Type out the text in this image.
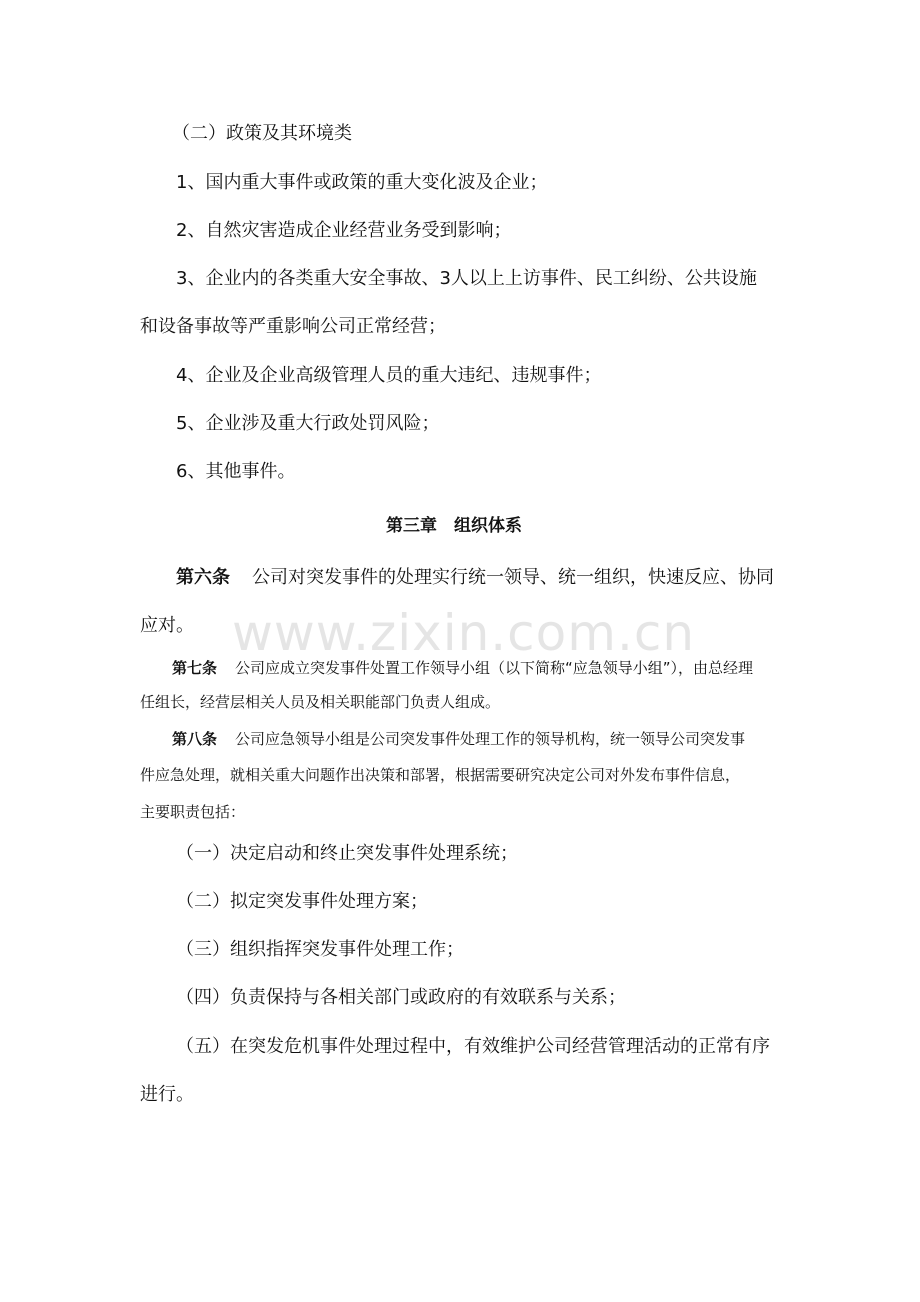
www.zixin.com.cn

（二）政策及其环境类

1、国内重大事件或政策的重大变化波及企业；

2、自然灾害造成企业经营业务受到影响；

3、企业内的各类重大安全事故、3人以上上访事件、民工纠纷、公共设施

和设备事故等严重影响公司正常经营；

4、企业及企业高级管理人员的重大违纪、违规事件；

5、企业涉及重大行政处罚风险；

6、其他事件。

第三章　组织体系

第六条 公司对突发事件的处理实行统一领导、统一组织，快速反应、协同

应对。

第七条 公司应成立突发事件处置工作领导小组（以下简称“应急领导小组”），由总经理

任组长，经营层相关人员及相关职能部门负责人组成。

第八条 公司应急领导小组是公司突发事件处理工作的领导机构，统一领导公司突发事

件应急处理，就相关重大问题作出决策和部署，根据需要研究决定公司对外发布事件信息，

主要职责包括：

（一）决定启动和终止突发事件处理系统；

（二）拟定突发事件处理方案；

（三）组织指挥突发事件处理工作；

（四）负责保持与各相关部门或政府的有效联系与关系；

（五）在突发危机事件处理过程中，有效维护公司经营管理活动的正常有序

进行。
